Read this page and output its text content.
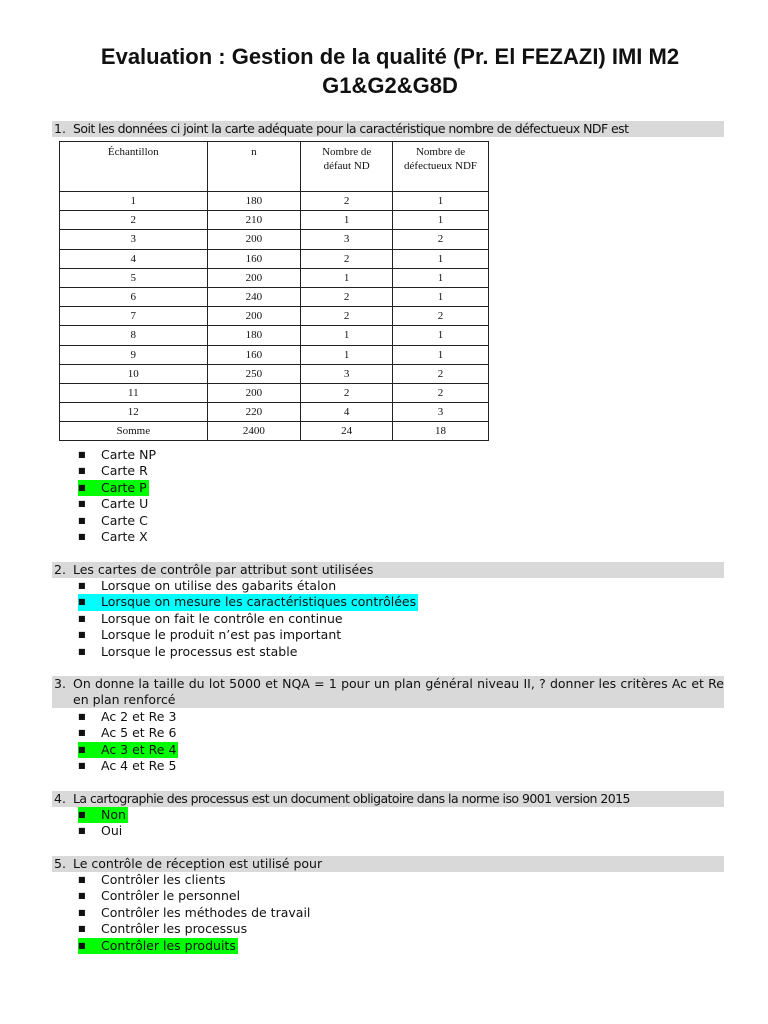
Evaluation : Gestion de la qualité (Pr. El FEZAZI) IMI M2 G1&G2&G8D
1. Soit les données ci joint la carte adéquate pour la caractéristique nombre de défectueux NDF est
Échantillon	n	Nombre de défaut ND	Nombre de défectueux NDF
1	180	2	1
2	210	1	1
3	200	3	2
4	160	2	1
5	200	1	1
6	240	2	1
7	200	2	2
8	180	1	1
9	160	1	1
10	250	3	2
11	200	2	2
12	220	4	3
Somme	2400	24	18
■ Carte NP
■ Carte R
■ Carte P
■ Carte U
■ Carte C
■ Carte X
2. Les cartes de contrôle par attribut sont utilisées
■ Lorsque on utilise des gabarits étalon
■ Lorsque on mesure les caractéristiques contrôlées
■ Lorsque on fait le contrôle en continue
■ Lorsque le produit n’est pas important
■ Lorsque le processus est stable
3. On donne la taille du lot 5000 et NQA = 1 pour un plan général niveau II, ? donner les critères Ac et Re en plan renforcé
■ Ac 2 et Re 3
■ Ac 5 et Re 6
■ Ac 3 et Re 4
■ Ac 4 et Re 5
4. La cartographie des processus est un document obligatoire dans la norme iso 9001 version 2015
■ Non
■ Oui
5. Le contrôle de réception est utilisé pour
■ Contrôler les clients
■ Contrôler le personnel
■ Contrôler les méthodes de travail
■ Contrôler les processus
■ Contrôler les produits
